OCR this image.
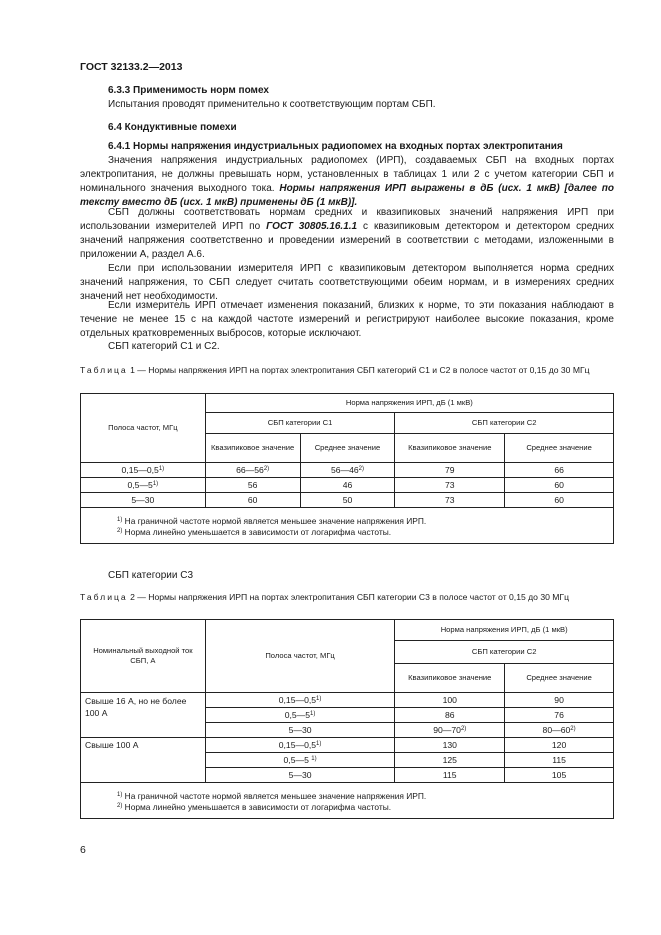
ГОСТ 32133.2—2013
6.3.3 Применимость норм помех
Испытания проводят применительно к соответствующим портам СБП.
6.4 Кондуктивные помехи
6.4.1 Нормы напряжения индустриальных радиопомех на входных портах электропитания
Значения напряжения индустриальных радиопомех (ИРП), создаваемых СБП на входных портах электропитания, не должны превышать норм, установленных в таблицах 1 или 2 с учетом категории СБП и номинального значения выходного тока. Нормы напряжения ИРП выражены в дБ (исх. 1 мкВ) [далее по тексту вместо дБ (исх. 1 мкВ) применены дБ (1 мкВ)].
СБП должны соответствовать нормам средних и квазипиковых значений напряжения ИРП при использовании измерителей ИРП по ГОСТ 30805.16.1.1 с квазипиковым детектором и детектором средних значений напряжения соответственно и проведении измерений в соответствии с методами, изложенными в приложении А, раздел А.6.
Если при использовании измерителя ИРП с квазипиковым детектором выполняется норма средних значений напряжения, то СБП следует считать соответствующими обеим нормам, и в измерениях средних значений нет необходимости.
Если измеритель ИРП отмечает изменения показаний, близких к норме, то эти показания наблюдают в течение не менее 15 с на каждой частоте измерений и регистрируют наиболее высокие показания, кроме отдельных кратковременных выбросов, которые исключают.
СБП категорий С1 и С2.
Таблица 1 — Нормы напряжения ИРП на портах электропитания СБП категорий С1 и С2 в полосе частот от 0,15 до 30 МГц
Полоса частот, МГц	Норма напряжения ИРП, дБ (1 мкВ)			
	СБП категории С1		СБП категории С2	
	Квазипиковое значение	Среднее значение	Квазипиковое значение	Среднее значение
0,15—0,5$^{1)}$	66—56$^{2)}$	56—46$^{2)}$	79	66
0,5—5$^{1)}$	56	46	73	60
5—30	60	50	73	60

$^{1)}$ На граничной частоте нормой является меньшее значение напряжения ИРП.
$^{2)}$ Норма линейно уменьшается в зависимости от логарифма частоты.				
СБП категории С3
Таблица 2 — Нормы напряжения ИРП на портах электропитания СБП категории С3 в полосе частот от 0,15 до 30 МГц
Номинальный выходной ток СБП, А	Полоса частот, МГц	Норма напряжения ИРП, дБ (1 мкВ)	
		СБП категории С2	
		Квазипиковое значение	Среднее значение
Свыше 16 А, но не более 100 А	0,15—0,5$^{1)}$	100	90
	0,5—5$^{1)}$	86	76
	5—30	90—70$^{2)}$	80—60$^{2)}$
Свыше 100 А	0,15—0,5$^{1)}$	130	120
	0,5—5 $^{1)}$	125	115
	5—30	115	105

$^{1)}$ На граничной частоте нормой является меньшее значение напряжения ИРП.
$^{2)}$ Норма линейно уменьшается в зависимости от логарифма частоты.			
6
